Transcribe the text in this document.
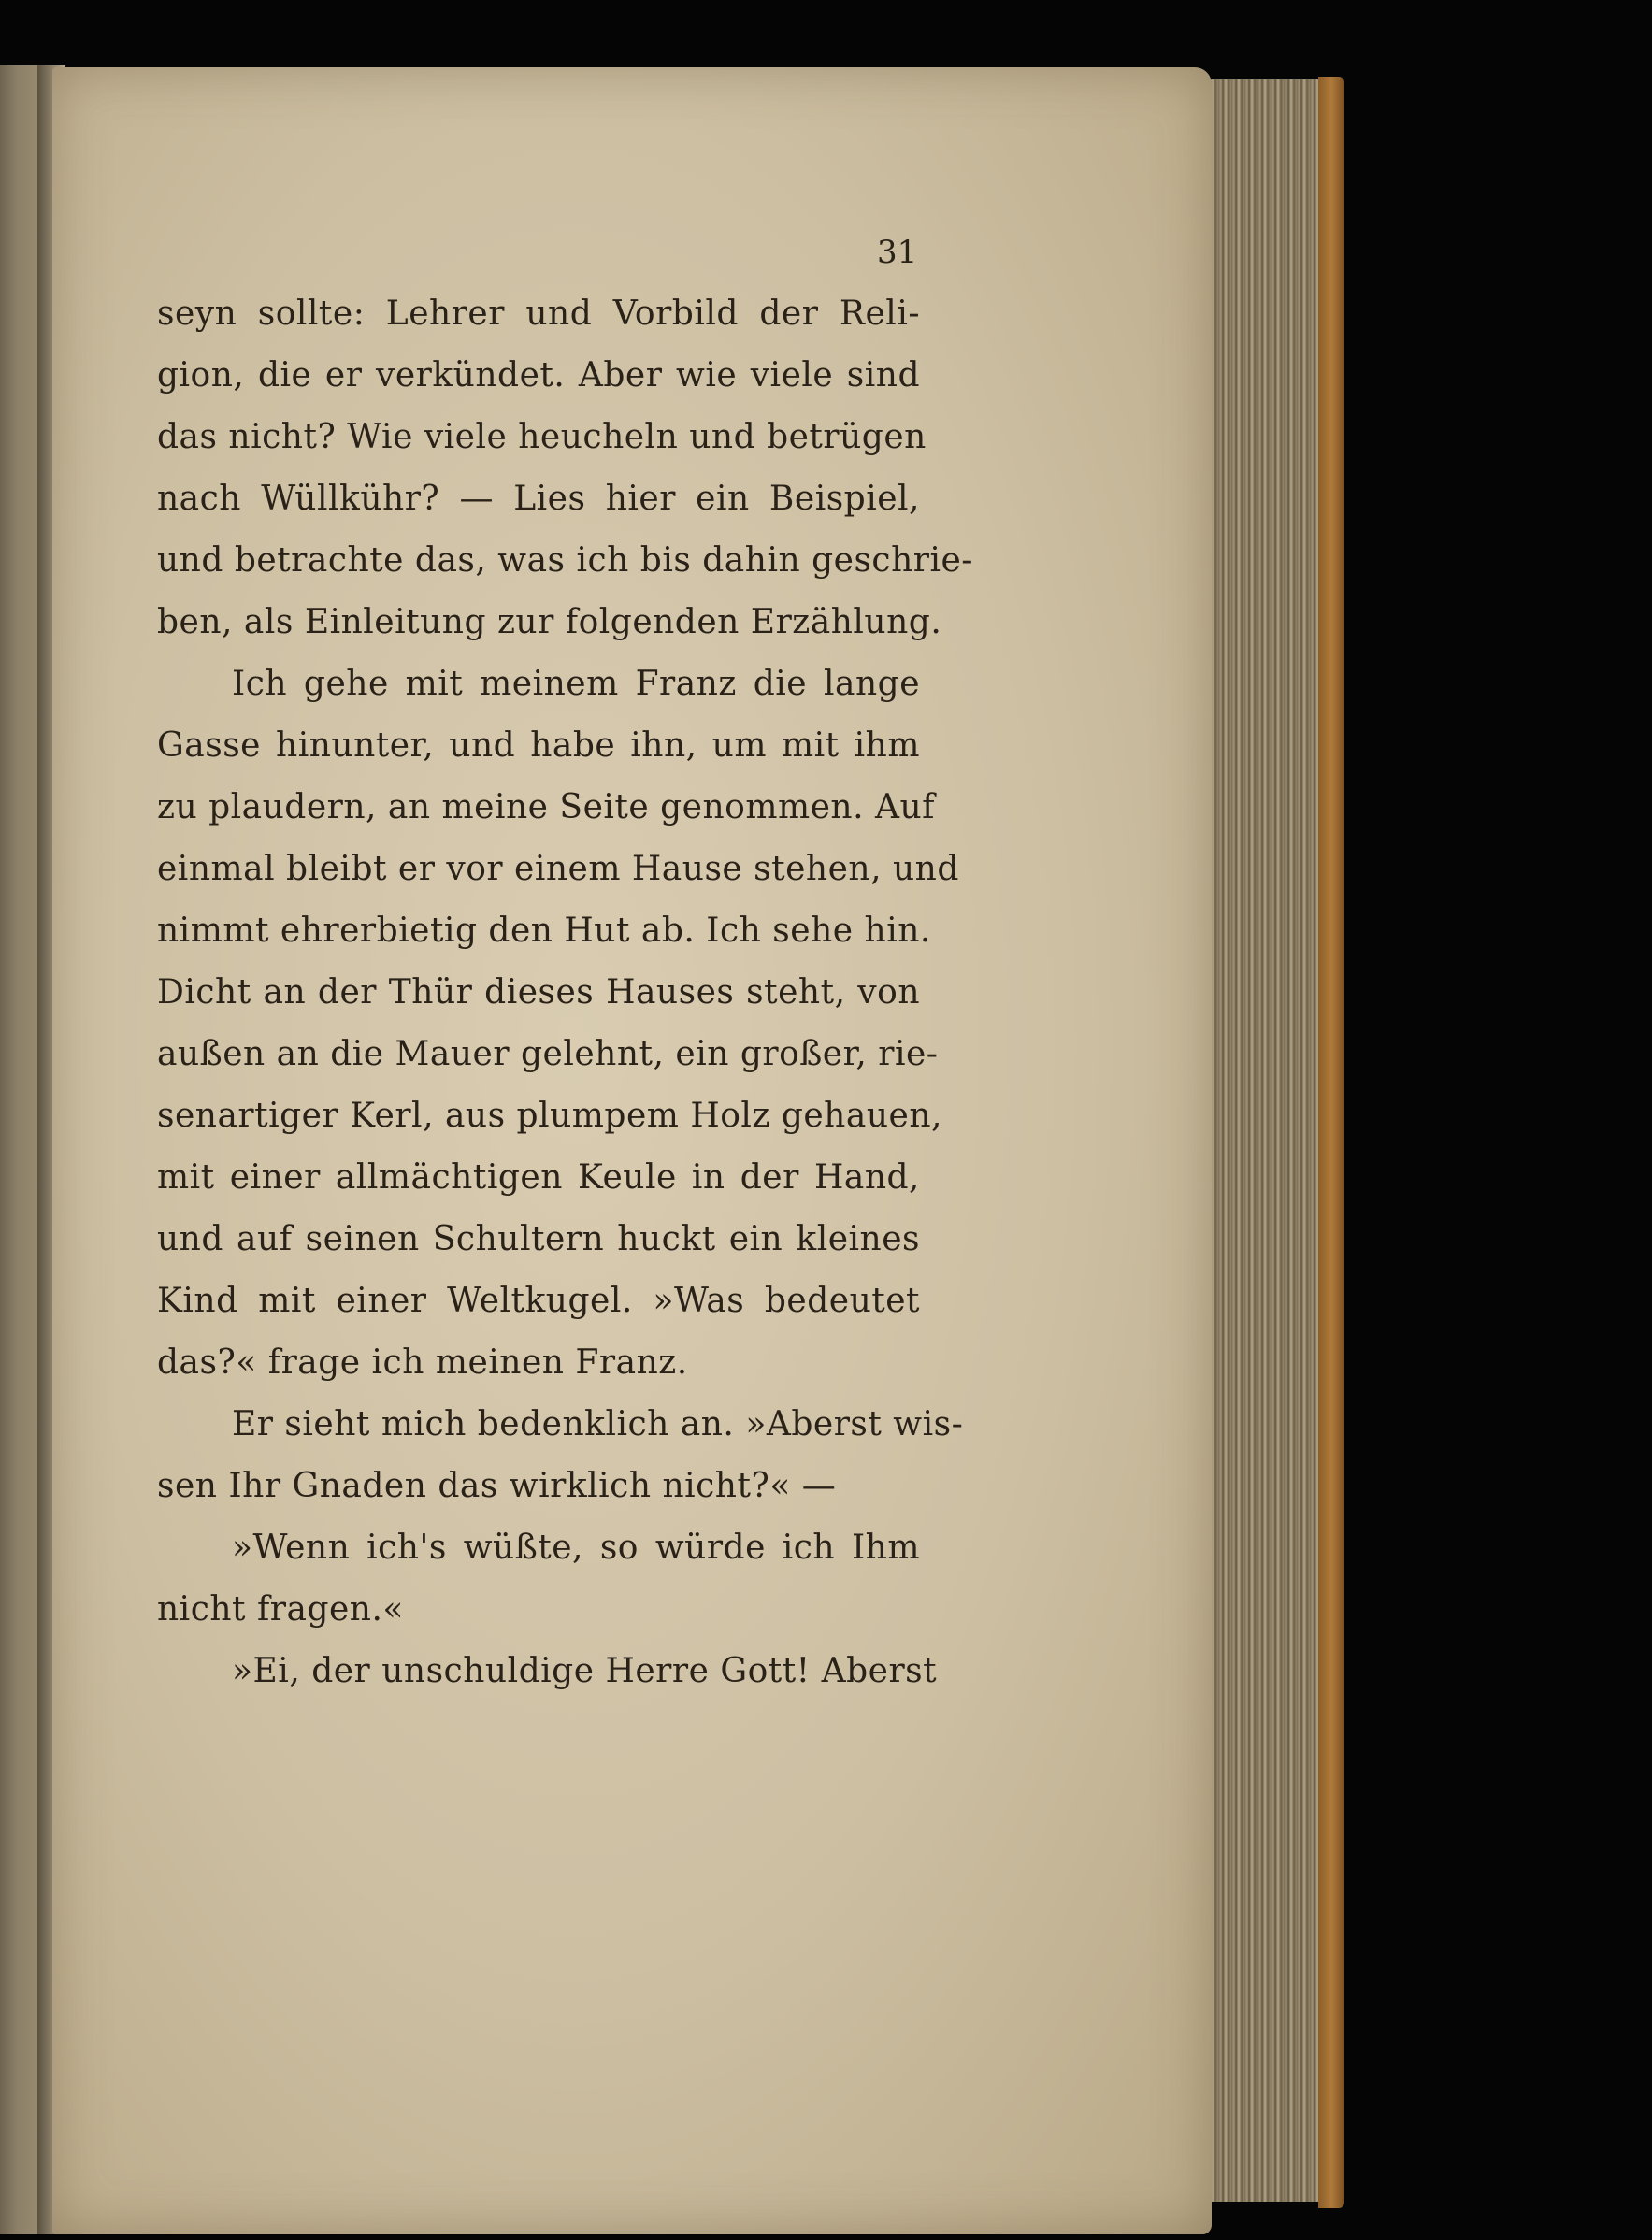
31
seyn sollte: Lehrer und Vorbild der Reli-
gion, die er verkündet. Aber wie viele sind
das nicht? Wie viele heucheln und betrügen
nach Wüllkühr? — Lies hier ein Beispiel,
und betrachte das, was ich bis dahin geschrie-
ben, als Einleitung zur folgenden Erzählung.
Ich gehe mit meinem Franz die lange
Gasse hinunter, und habe ihn, um mit ihm
zu plaudern, an meine Seite genommen. Auf
einmal bleibt er vor einem Hause stehen, und
nimmt ehrerbietig den Hut ab. Ich sehe hin.
Dicht an der Thür dieses Hauses steht, von
außen an die Mauer gelehnt, ein großer, rie-
senartiger Kerl, aus plumpem Holz gehauen,
mit einer allmächtigen Keule in der Hand,
und auf seinen Schultern huckt ein kleines
Kind mit einer Weltkugel. »Was bedeutet
das?« frage ich meinen Franz.
Er sieht mich bedenklich an. »Aberst wis-
sen Ihr Gnaden das wirklich nicht?« —
»Wenn ich's wüßte, so würde ich Ihm
nicht fragen.«
»Ei, der unschuldige Herre Gott! Aberst
